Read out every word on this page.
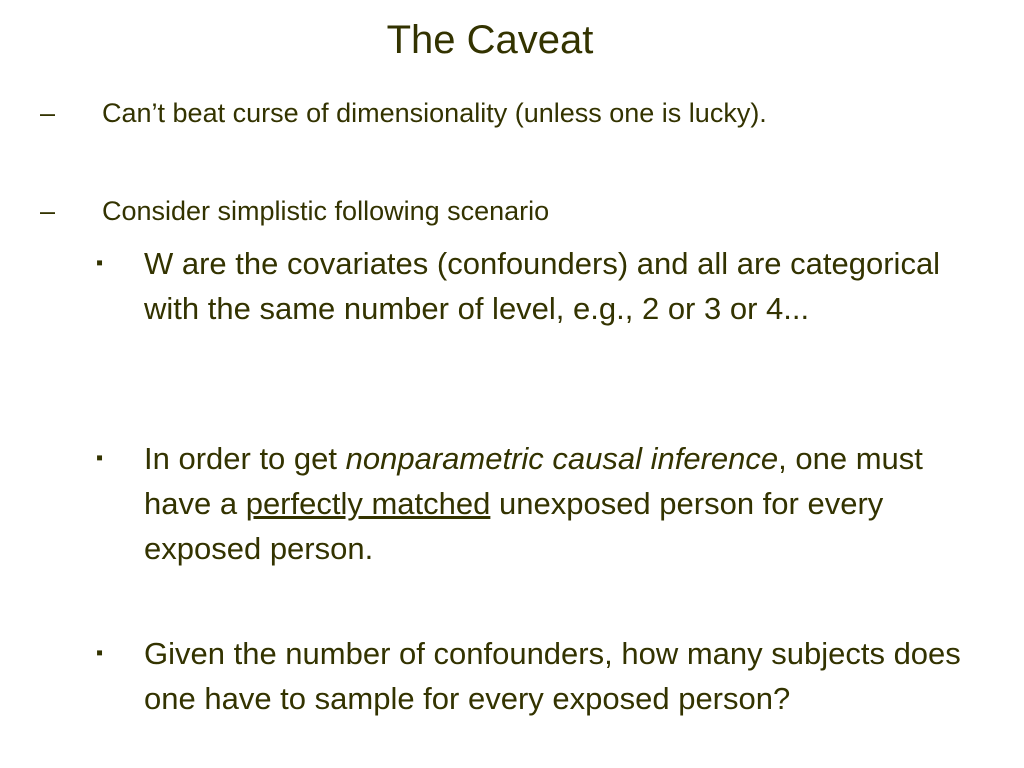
The Caveat
–	Can’t beat curse of dimensionality (unless one is lucky).
–	Consider simplistic following scenario
▪ W are the covariates (confounders) and all are categorical with the same number of level, e.g., 2 or 3 or 4...
▪ In order to get nonparametric causal inference, one must have a perfectly matched unexposed person for every exposed person.
▪ Given the number of confounders, how many subjects does one have to sample for every exposed person?
